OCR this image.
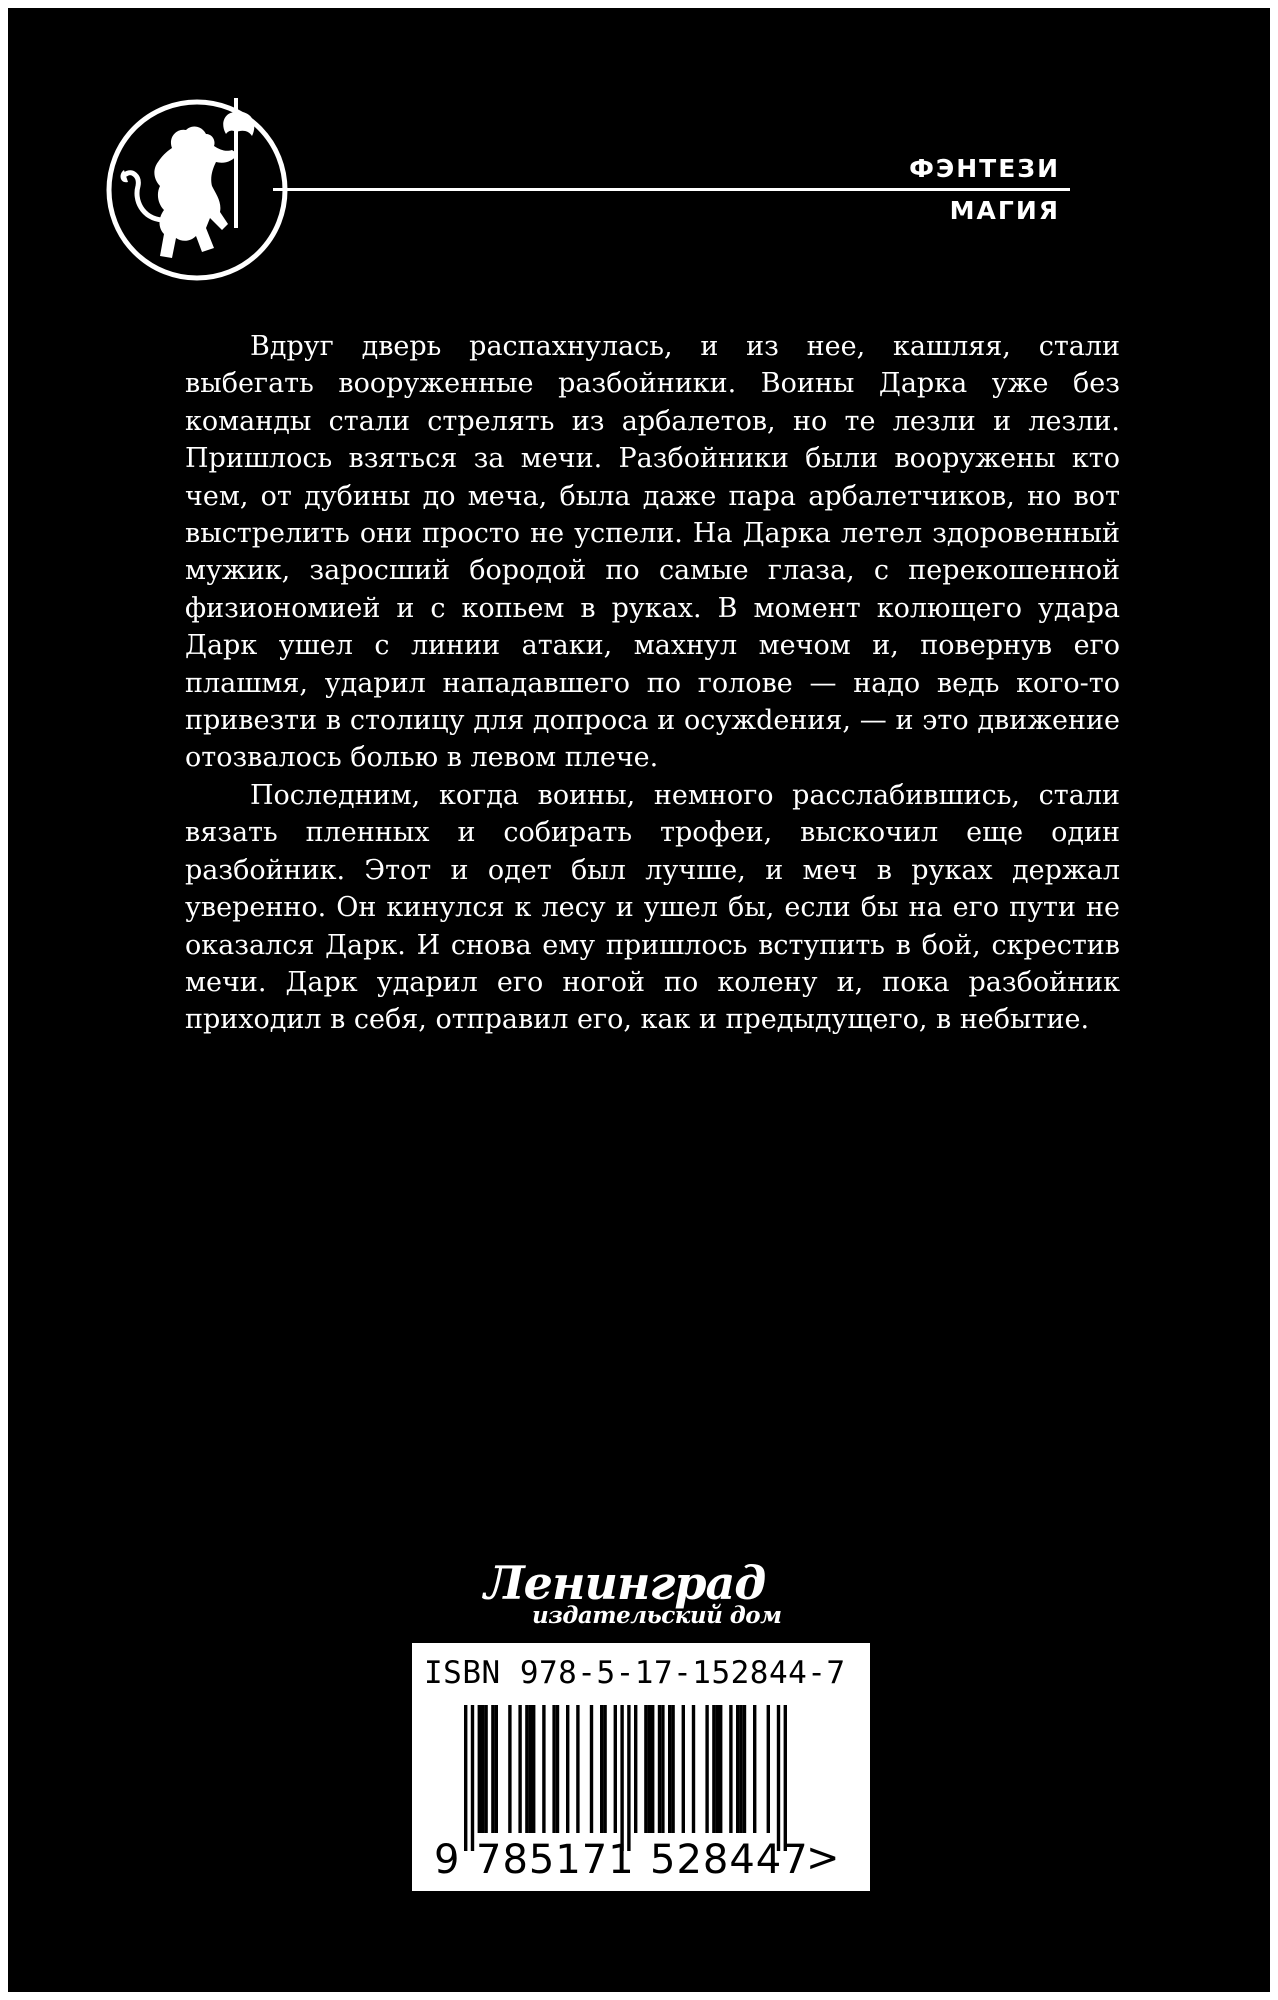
ФЭНТЕЗИ
МАГИЯ

Вдруг дверь распахнулась, и из нее, кашляя, стали выбегать вооруженные разбойники. Воины Дарка уже без команды стали стрелять из арбалетов, но те лезли и лезли. Пришлось взяться за мечи. Разбойники были вооружены кто чем, от дубины до меча, была даже пара арбалетчиков, но вот выстрелить они просто не успели. На Дарка летел здоровенный мужик, заросший бородой по самые глаза, с перекошенной физиономией и с копьем в руках. В момент колющего удара Дарк ушел с линии атаки, махнул мечом и, повернув его плашмя, ударил нападавшего по голове — надо ведь кого-то привезти в столицу для допроса и осужdения, — и это движение отозвалось болью в левом плече.

Последним, когда воины, немного расслабившись, стали вязать пленных и собирать трофеи, выскочил еще один разбойник. Этот и одет был лучше, и меч в руках держал уверенно. Он кинулся к лесу и ушел бы, если бы на его пути не оказался Дарк. И снова ему пришлось вступить в бой, скрестив мечи. Дарк ударил его ногой по колену и, пока разбойник приходил в себя, отправил его, как и предыдущего, в небытие.

Ленинград
издательский дом
ISBN 978-5-17-152844-7
9 785171 528447
>
